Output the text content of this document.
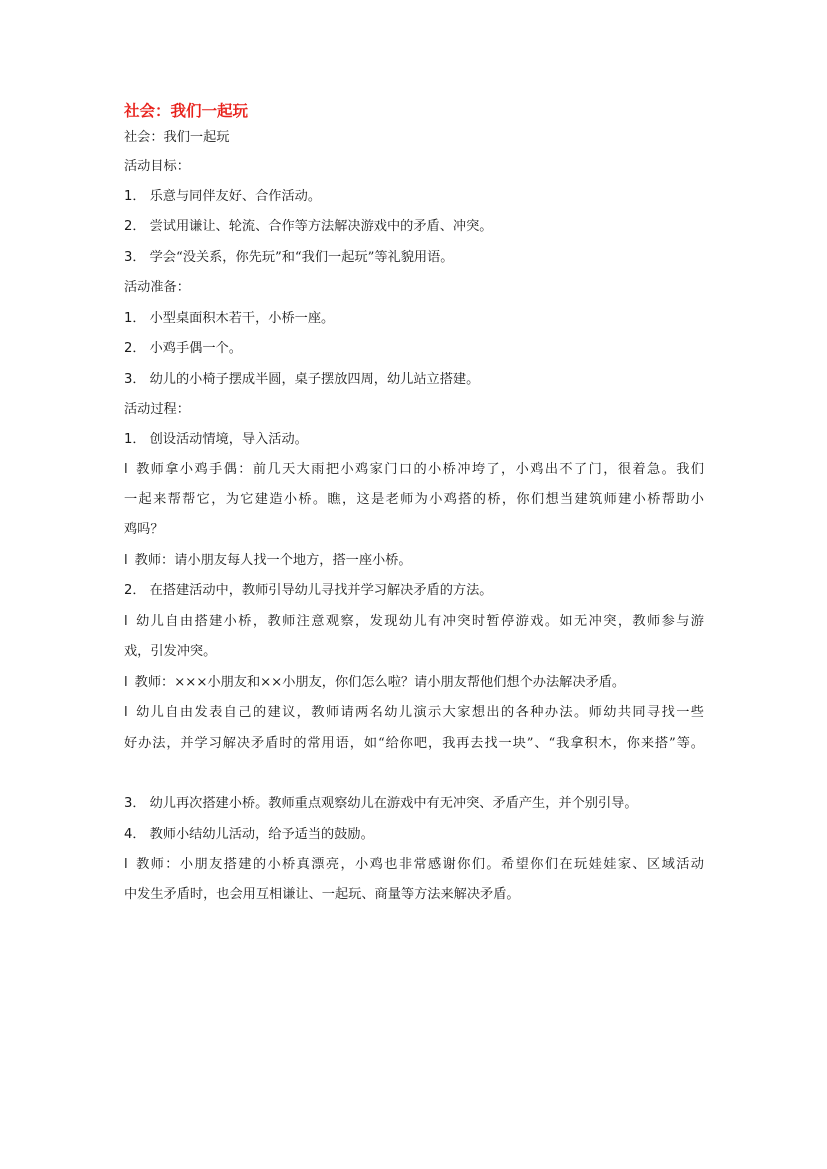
社会：我们一起玩
社会：我们一起玩
活动目标：
1． 乐意与同伴友好、合作活动。
2． 尝试用谦让、轮流、合作等方法解决游戏中的矛盾、冲突。
3． 学会“没关系，你先玩”和“我们一起玩”等礼貌用语。
活动准备：
1． 小型桌面积木若干，小桥一座。
2． 小鸡手偶一个。
3． 幼儿的小椅子摆成半圆，桌子摆放四周，幼儿站立搭建。
活动过程：
1． 创设活动情境，导入活动。
l 教师拿小鸡手偶：前几天大雨把小鸡家门口的小桥冲垮了，小鸡出不了门，很着急。我们
一起来帮帮它，为它建造小桥。瞧，这是老师为小鸡搭的桥，你们想当建筑师建小桥帮助小
鸡吗？
l 教师：请小朋友每人找一个地方，搭一座小桥。
2． 在搭建活动中，教师引导幼儿寻找并学习解决矛盾的方法。
l 幼儿自由搭建小桥，教师注意观察，发现幼儿有冲突时暂停游戏。如无冲突，教师参与游
戏，引发冲突。
l 教师：×××小朋友和××小朋友，你们怎么啦？请小朋友帮他们想个办法解决矛盾。
l 幼儿自由发表自己的建议，教师请两名幼儿演示大家想出的各种办法。师幼共同寻找一些
好办法，并学习解决矛盾时的常用语，如“给你吧，我再去找一块”、“我拿积木，你来搭”等。
3． 幼儿再次搭建小桥。教师重点观察幼儿在游戏中有无冲突、矛盾产生，并个别引导。
4． 教师小结幼儿活动，给予适当的鼓励。
l 教师：小朋友搭建的小桥真漂亮，小鸡也非常感谢你们。希望你们在玩娃娃家、区域活动
中发生矛盾时，也会用互相谦让、一起玩、商量等方法来解决矛盾。
